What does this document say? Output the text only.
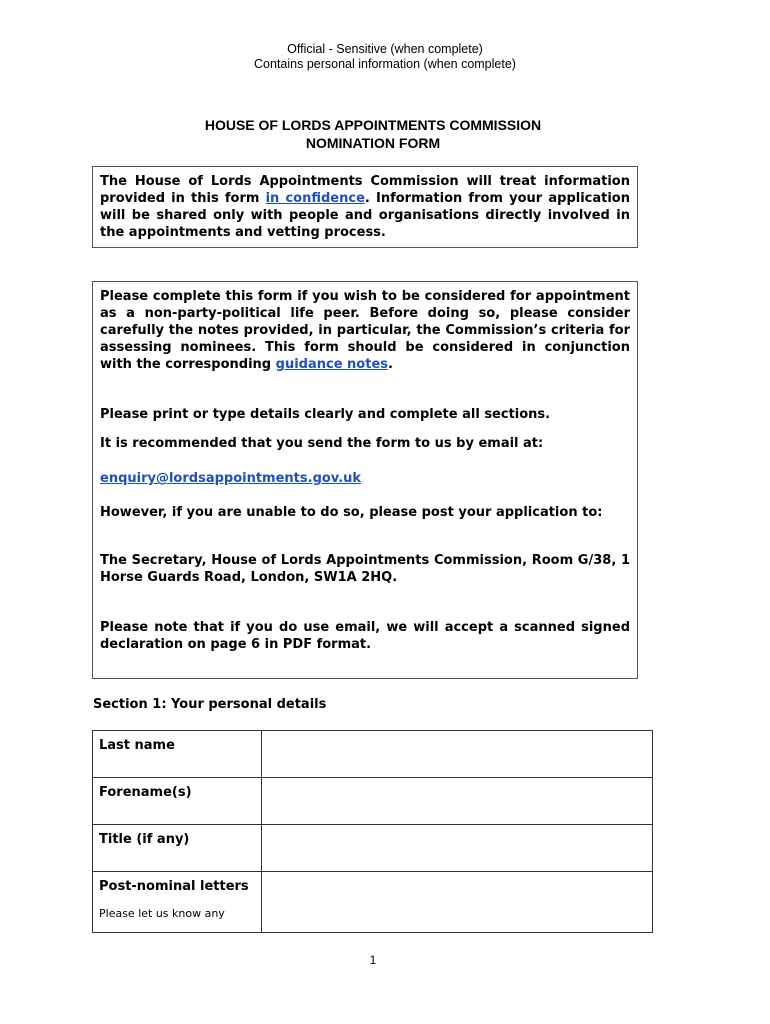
Official - Sensitive (when complete)
Contains personal information (when complete)
HOUSE OF LORDS APPOINTMENTS COMMISSION
NOMINATION FORM

The House of Lords Appointments Commission will treat information provided in this form in confidence. Information from your application will be shared only with people and organisations directly involved in the appointments and vetting process.

Please complete this form if you wish to be considered for appointment as a non-party-political life peer. Before doing so, please consider carefully the notes provided, in particular, the Commission’s criteria for assessing nominees. This form should be considered in conjunction with the corresponding guidance notes.

Please print or type details clearly and complete all sections.

It is recommended that you send the form to us by email at:

enquiry@lordsappointments.gov.uk

However, if you are unable to do so, please post your application to:

The Secretary, House of Lords Appointments Commission, Room G/38, 1 Horse Guards Road, London, SW1A 2HQ.

Please note that if you do use email, we will accept a scanned signed declaration on page 6 in PDF format.

Section 1: Your personal details
Last name	
Forename(s)	
Title (if any)	
Post-nominal letters
Please let us know any	

1
